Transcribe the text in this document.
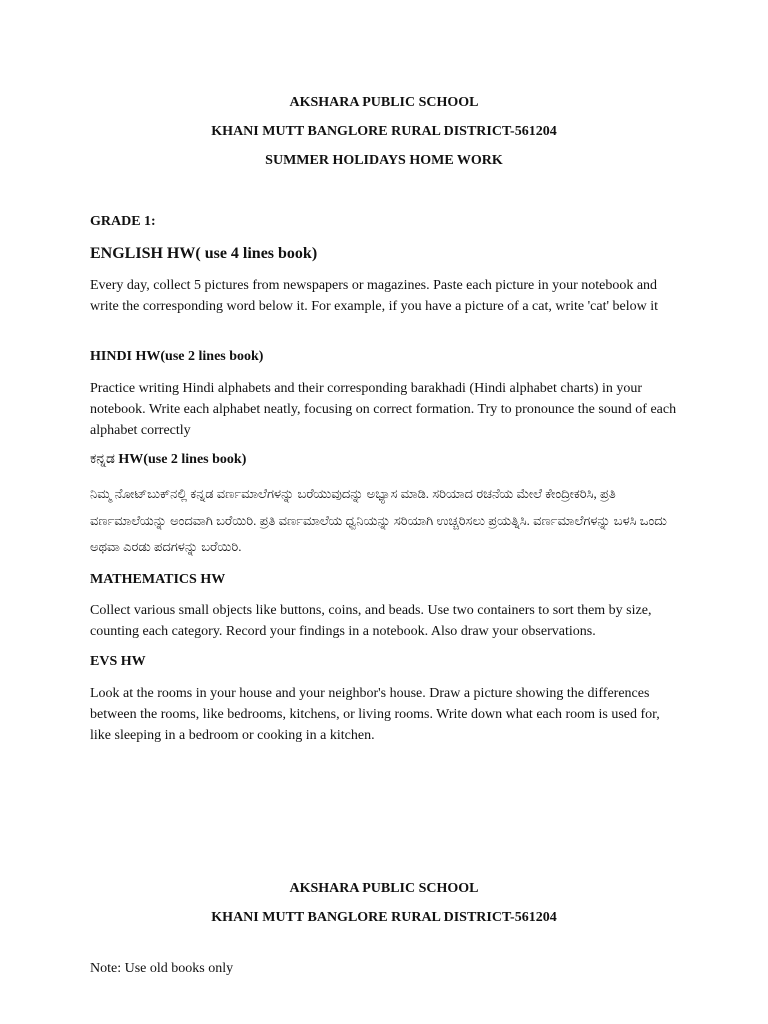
AKSHARA PUBLIC SCHOOL
KHANI MUTT BANGLORE RURAL DISTRICT-561204
SUMMER HOLIDAYS HOME WORK
GRADE 1:
ENGLISH HW( use 4 lines book)
Every day, collect 5 pictures from newspapers or magazines. Paste each picture in your notebook and write the corresponding word below it. For example, if you have a picture of a cat, write 'cat' below it
HINDI HW(use 2 lines book)
Practice writing Hindi alphabets and their corresponding barakhadi (Hindi alphabet charts) in your notebook. Write each alphabet neatly, focusing on correct formation. Try to pronounce the sound of each alphabet correctly
ಕನ್ನಡ HW(use 2 lines book)
ನಿಮ್ಮ ನೋಟ್‌ಬುಕ್‌ನಲ್ಲಿ ಕನ್ನಡ ವರ್ಣಮಾಲೆಗಳನ್ನು ಬರೆಯುವುದನ್ನು ಅಭ್ಯಾಸ ಮಾಡಿ. ಸರಿಯಾದ ರಚನೆಯ ಮೇಲೆ ಕೇಂದ್ರೀಕರಿಸಿ, ಪ್ರತಿ ವರ್ಣಮಾಲೆಯನ್ನು ಅಂದವಾಗಿ ಬರೆಯಿರಿ. ಪ್ರತಿ ವರ್ಣಮಾಲೆಯ ಧ್ವನಿಯನ್ನು ಸರಿಯಾಗಿ ಉಚ್ಚರಿಸಲು ಪ್ರಯತ್ನಿಸಿ. ವರ್ಣಮಾಲೆಗಳನ್ನು ಬಳಸಿ ಒಂದು ಅಥವಾ ಎರಡು ಪದಗಳನ್ನು ಬರೆಯಿರಿ.
MATHEMATICS HW
Collect various small objects like buttons, coins, and beads. Use two containers to sort them by size, counting each category. Record your findings in a notebook. Also draw your observations.
EVS HW
Look at the rooms in your house and your neighbor's house. Draw a picture showing the differences between the rooms, like bedrooms, kitchens, or living rooms. Write down what each room is used for, like sleeping in a bedroom or cooking in a kitchen.
AKSHARA PUBLIC SCHOOL
KHANI MUTT BANGLORE RURAL DISTRICT-561204
Note: Use old books only
